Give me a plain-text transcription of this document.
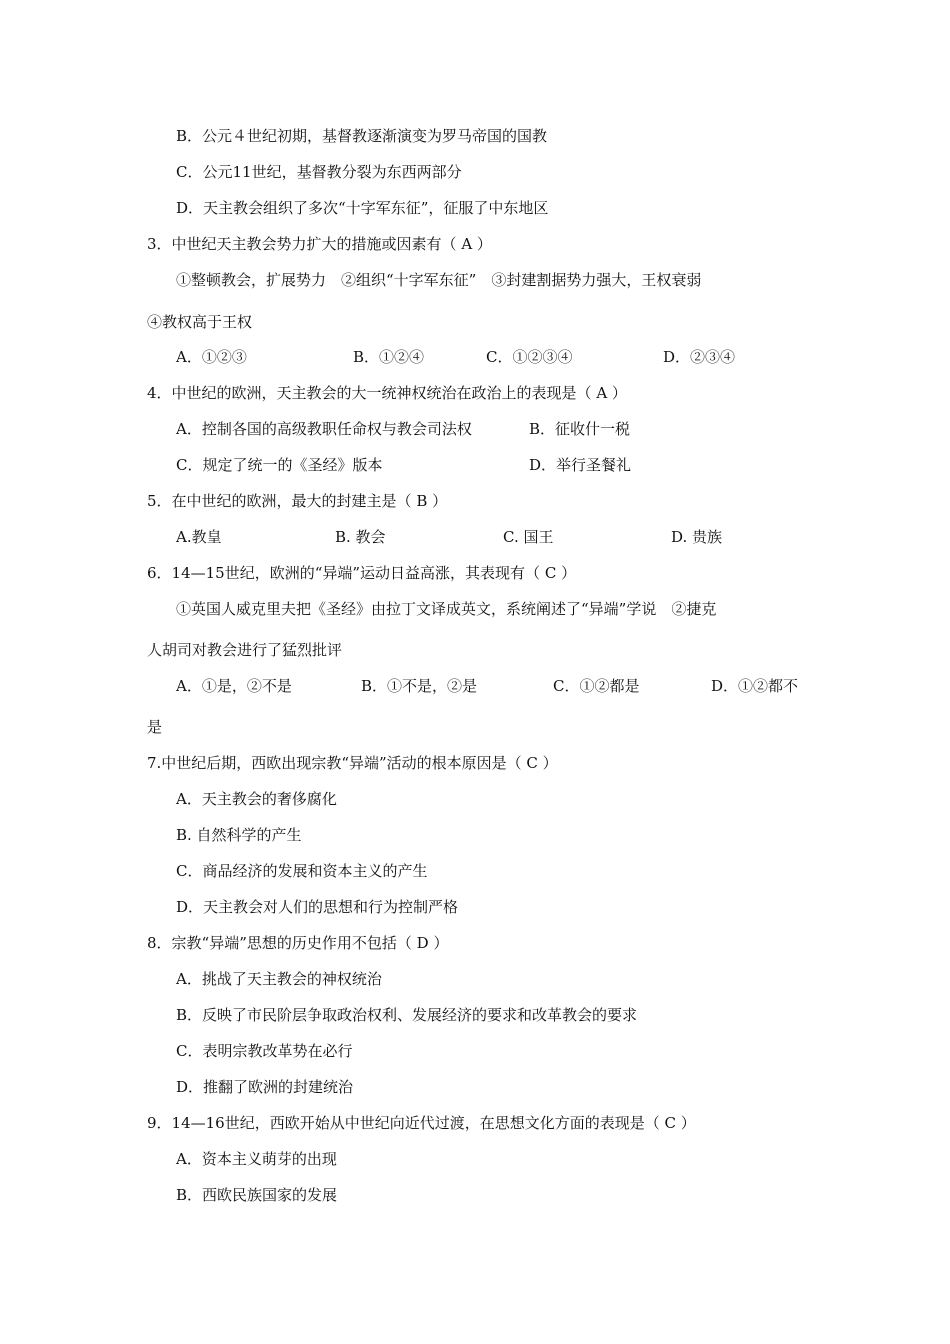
B．公元４世纪初期，基督教逐渐演变为罗马帝国的国教
C．公元11世纪，基督教分裂为东西两部分
D．天主教会组织了多次“十字军东征”，征服了中东地区
3．中世纪天主教会势力扩大的措施或因素有（ A ）
①整顿教会，扩展势力　②组织“十字军东征”　③封建割据势力强大，王权衰弱
④教权高于王权
A．①②③	B．①②④	C．①②③④	D．②③④
4．中世纪的欧洲，天主教会的大一统神权统治在政治上的表现是（ A ）
A．控制各国的高级教职任命权与教会司法权	B．征收什一税
C．规定了统一的《圣经》版本	D．举行圣餐礼
5．在中世纪的欧洲，最大的封建主是（ B ）
A.教皇	B. 教会	C. 国王	D. 贵族
6．14—15世纪，欧洲的“异端”运动日益高涨，其表现有（ C ）
①英国人威克里夫把《圣经》由拉丁文译成英文，系统阐述了“异端”学说　②捷克
人胡司对教会进行了猛烈批评
A．①是，②不是	B．①不是，②是	C．①②都是	D．①②都不
是
7.中世纪后期，西欧出现宗教“异端”活动的根本原因是（ C ）
A．天主教会的奢侈腐化
B. 自然科学的产生
C．商品经济的发展和资本主义的产生
D．天主教会对人们的思想和行为控制严格
8．宗教“异端”思想的历史作用不包括（ D ）
A．挑战了天主教会的神权统治
B．反映了市民阶层争取政治权利、发展经济的要求和改革教会的要求
C．表明宗教改革势在必行
D．推翻了欧洲的封建统治
9．14—16世纪，西欧开始从中世纪向近代过渡，在思想文化方面的表现是（ C ）
A．资本主义萌芽的出现
B．西欧民族国家的发展
